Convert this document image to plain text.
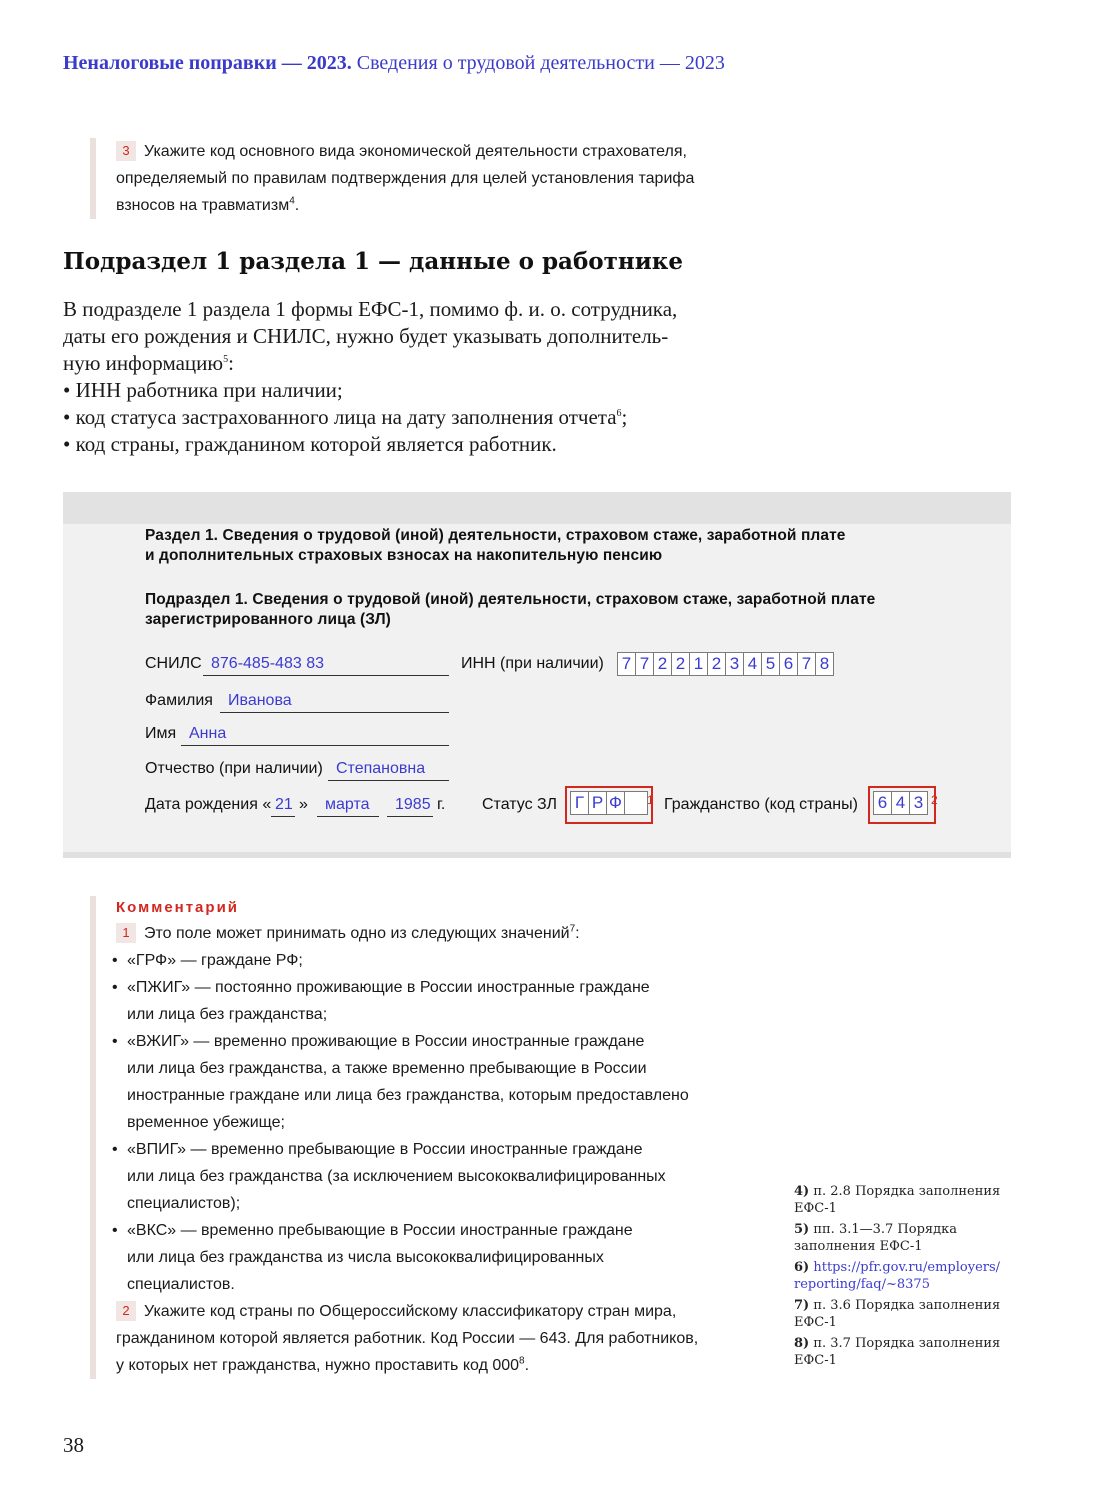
Неналоговые поправки — 2023. Сведения о трудовой деятельности — 2023
3 Укажите код основного вида экономической деятельности страхователя,
определяемый по правилам подтверждения для целей установления тарифа
взносов на травматизм$^4$.
Подраздел 1 раздела 1 — данные о работнике

В подразделе 1 раздела 1 формы ЕФС-1, помимо ф. и. о. сотрудника,
даты его рождения и СНИЛС, нужно будет указывать дополнитель-
ную информацию$^5$:

• ИНН работника при наличии;
• код статуса застрахованного лица на дату заполнения отчета$^6$;
• код страны, гражданином которой является работник.
Раздел 1. Сведения о трудовой (иной) деятельности, страховом стаже, заработной плате
и дополнительных страховых взносах на накопительную пенсию
Подраздел 1. Сведения о трудовой (иной) деятельности, страховом стаже, заработной плате
зарегистрированного лица (ЗЛ)
СНИЛС 876-485-483 83	ИНН (при наличии) 7 7 2 2 1 2 3 4 5 6 7 8
Фамилия Иванова
Имя Анна
Отчество (при наличии) Степановна
Дата рождения « 21 »	марта	1985 г. Статус ЗЛ Г Р Ф 1 Гражданство (код страны) 6 4 3 2
Комментарий
1 Это поле может принимать одно из следующих значений$^7$:
• «ГРФ» — граждане РФ;
• «ПЖИГ» — постоянно проживающие в России иностранные граждане
или лица без гражданства;
• «ВЖИГ» — временно проживающие в России иностранные граждане
или лица без гражданства, а также временно пребывающие в России
иностранные граждане или лица без гражданства, которым предоставлено
временное убежище;
• «ВПИГ» — временно пребывающие в России иностранные граждане
или лица без гражданства (за исключением высококвалифицированных
специалистов);
• «ВКС» — временно пребывающие в России иностранные граждане
или лица без гражданства из числа высококвалифицированных
специалистов.
2 Укажите код страны по Общероссийскому классификатору стран мира,
гражданином которой является работник. Код России — 643. Для работников,
у которых нет гражданства, нужно проставить код $000^8$.
4) п. 2.8 Порядка заполнения
ЕФС-1
5) пп. 3.1—3.7 Порядка
заполнения ЕФС-1
6) https://pfr.gov.ru/employers/
reporting/faq/~8375
7) п. 3.6 Порядка заполнения
ЕФС-1
8) п. 3.7 Порядка заполнения
ЕФС-1
38
